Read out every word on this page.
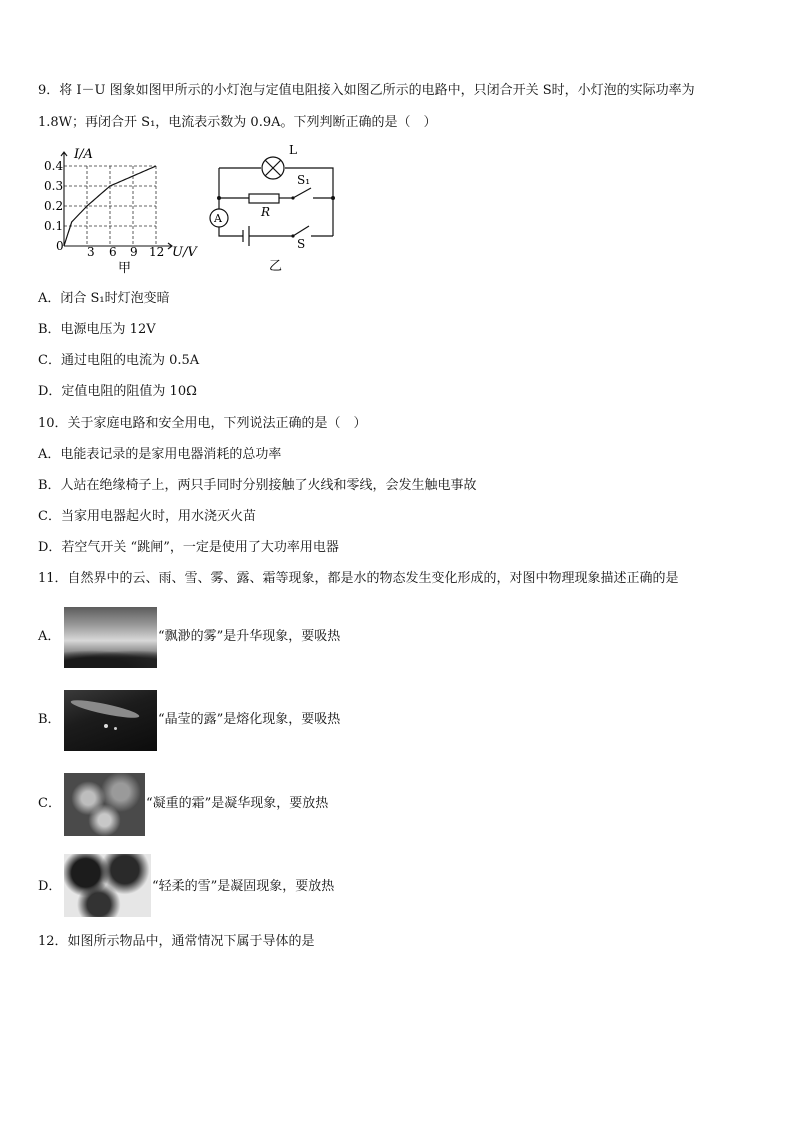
9．将 I－U 图象如图甲所示的小灯泡与定值电阻接入如图乙所示的电路中，只闭合开关 S时，小灯泡的实际功率为
1.8W；再闭合开 S₁，电流表示数为 0.9A。下列判断正确的是（　）
I/A
U/V
0.4
0.3
0.2
0.1
0 3 6 9 12
甲
A
L
R
S₁
S
乙
A．闭合 S₁时灯泡变暗
B．电源电压为 12V
C．通过电阻的电流为 0.5A
D．定值电阻的阻值为 10Ω
10．关于家庭电路和安全用电，下列说法正确的是（　）
A．电能表记录的是家用电器消耗的总功率
B．人站在绝缘椅子上，两只手同时分别接触了火线和零线，会发生触电事故
C．当家用电器起火时，用水浇灭火苗
D．若空气开关 “跳闸”，一定是使用了大功率用电器
11．自然界中的云、雨、雪、雾、露、霜等现象，都是水的物态发生变化形成的，对图中物理现象描述正确的是
A．	“飘渺的雾”是升华现象，要吸热
B．	“晶莹的露”是熔化现象，要吸热
C．	“凝重的霜”是凝华现象，要放热
D．	“轻柔的雪”是凝固现象，要放热
12．如图所示物品中，通常情况下属于导体的是
